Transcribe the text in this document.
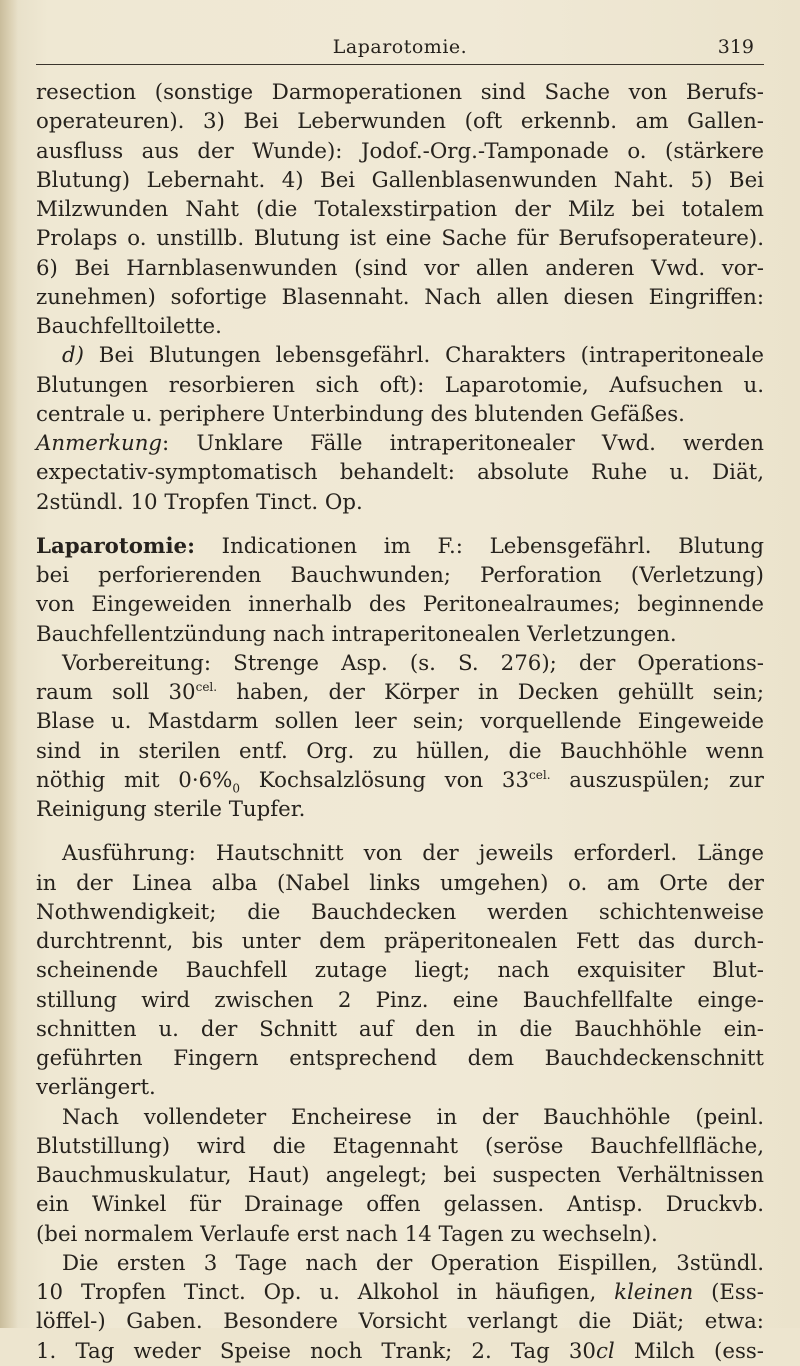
Laparotomie.	319

resection (sonstige Darmoperationen sind Sache von Berufs-

operateuren). 3) Bei Leberwunden (oft erkennb. am Gallen-

ausfluss aus der Wunde): Jodof.-Org.-Tamponade o. (stärkere

Blutung) Lebernaht. 4) Bei Gallenblasenwunden Naht. 5) Bei

Milzwunden Naht (die Totalexstirpation der Milz bei totalem

Prolaps o. unstillb. Blutung ist eine Sache für Berufsoperateure).

6) Bei Harnblasenwunden (sind vor allen anderen Vwd. vor-

zunehmen) sofortige Blasennaht. Nach allen diesen Eingriffen:

Bauchfelltoilette.

d) Bei Blutungen lebensgefährl. Charakters (intraperitoneale

Blutungen resorbieren sich oft): Laparotomie, Aufsuchen u.

centrale u. periphere Unterbindung des blutenden Gefäßes.

Anmerkung: Unklare Fälle intraperitonealer Vwd. werden

expectativ-symptomatisch behandelt: absolute Ruhe u. Diät,

2stündl. 10 Tropfen Tinct. Op.

Laparotomie: Indicationen im F.: Lebensgefährl. Blutung

bei perforierenden Bauchwunden; Perforation (Verletzung)

von Eingeweiden innerhalb des Peritonealraumes; beginnende

Bauchfellentzündung nach intraperitonealen Verletzungen.

Vorbereitung: Strenge Asp. (s. S. 276); der Operations-

raum soll $30^{cel.}$ haben, der Körper in Decken gehüllt sein;

Blase u. Mastdarm sollen leer sein; vorquellende Eingeweide

sind in sterilen entf. Org. zu hüllen, die Bauchhöhle wenn

nöthig mit $0\cdot 6\%_0$ Kochsalzlösung von $33^{cel.}$ auszuspülen; zur

Reinigung sterile Tupfer.

Ausführung: Hautschnitt von der jeweils erforderl. Länge

in der Linea alba (Nabel links umgehen) o. am Orte der

Nothwendigkeit; die Bauchdecken werden schichtenweise

durchtrennt, bis unter dem präperitonealen Fett das durch-

scheinende Bauchfell zutage liegt; nach exquisiter Blut-

stillung wird zwischen 2 Pinz. eine Bauchfellfalte einge-

schnitten u. der Schnitt auf den in die Bauchhöhle ein-

geführten Fingern entsprechend dem Bauchdeckenschnitt

verlängert.

Nach vollendeter Encheirese in der Bauchhöhle (peinl.

Blutstillung) wird die Etagennaht (seröse Bauchfellfläche,

Bauchmuskulatur, Haut) angelegt; bei suspecten Verhältnissen

ein Winkel für Drainage offen gelassen. Antisp. Druckvb.

(bei normalem Verlaufe erst nach 14 Tagen zu wechseln).

Die ersten 3 Tage nach der Operation Eispillen, 3stündl.

10 Tropfen Tinct. Op. u. Alkohol in häufigen, kleinen (Ess-

löffel-) Gaben. Besondere Vorsicht verlangt die Diät; etwa:

1. Tag weder Speise noch Trank; 2. Tag 30cl Milch (ess-
